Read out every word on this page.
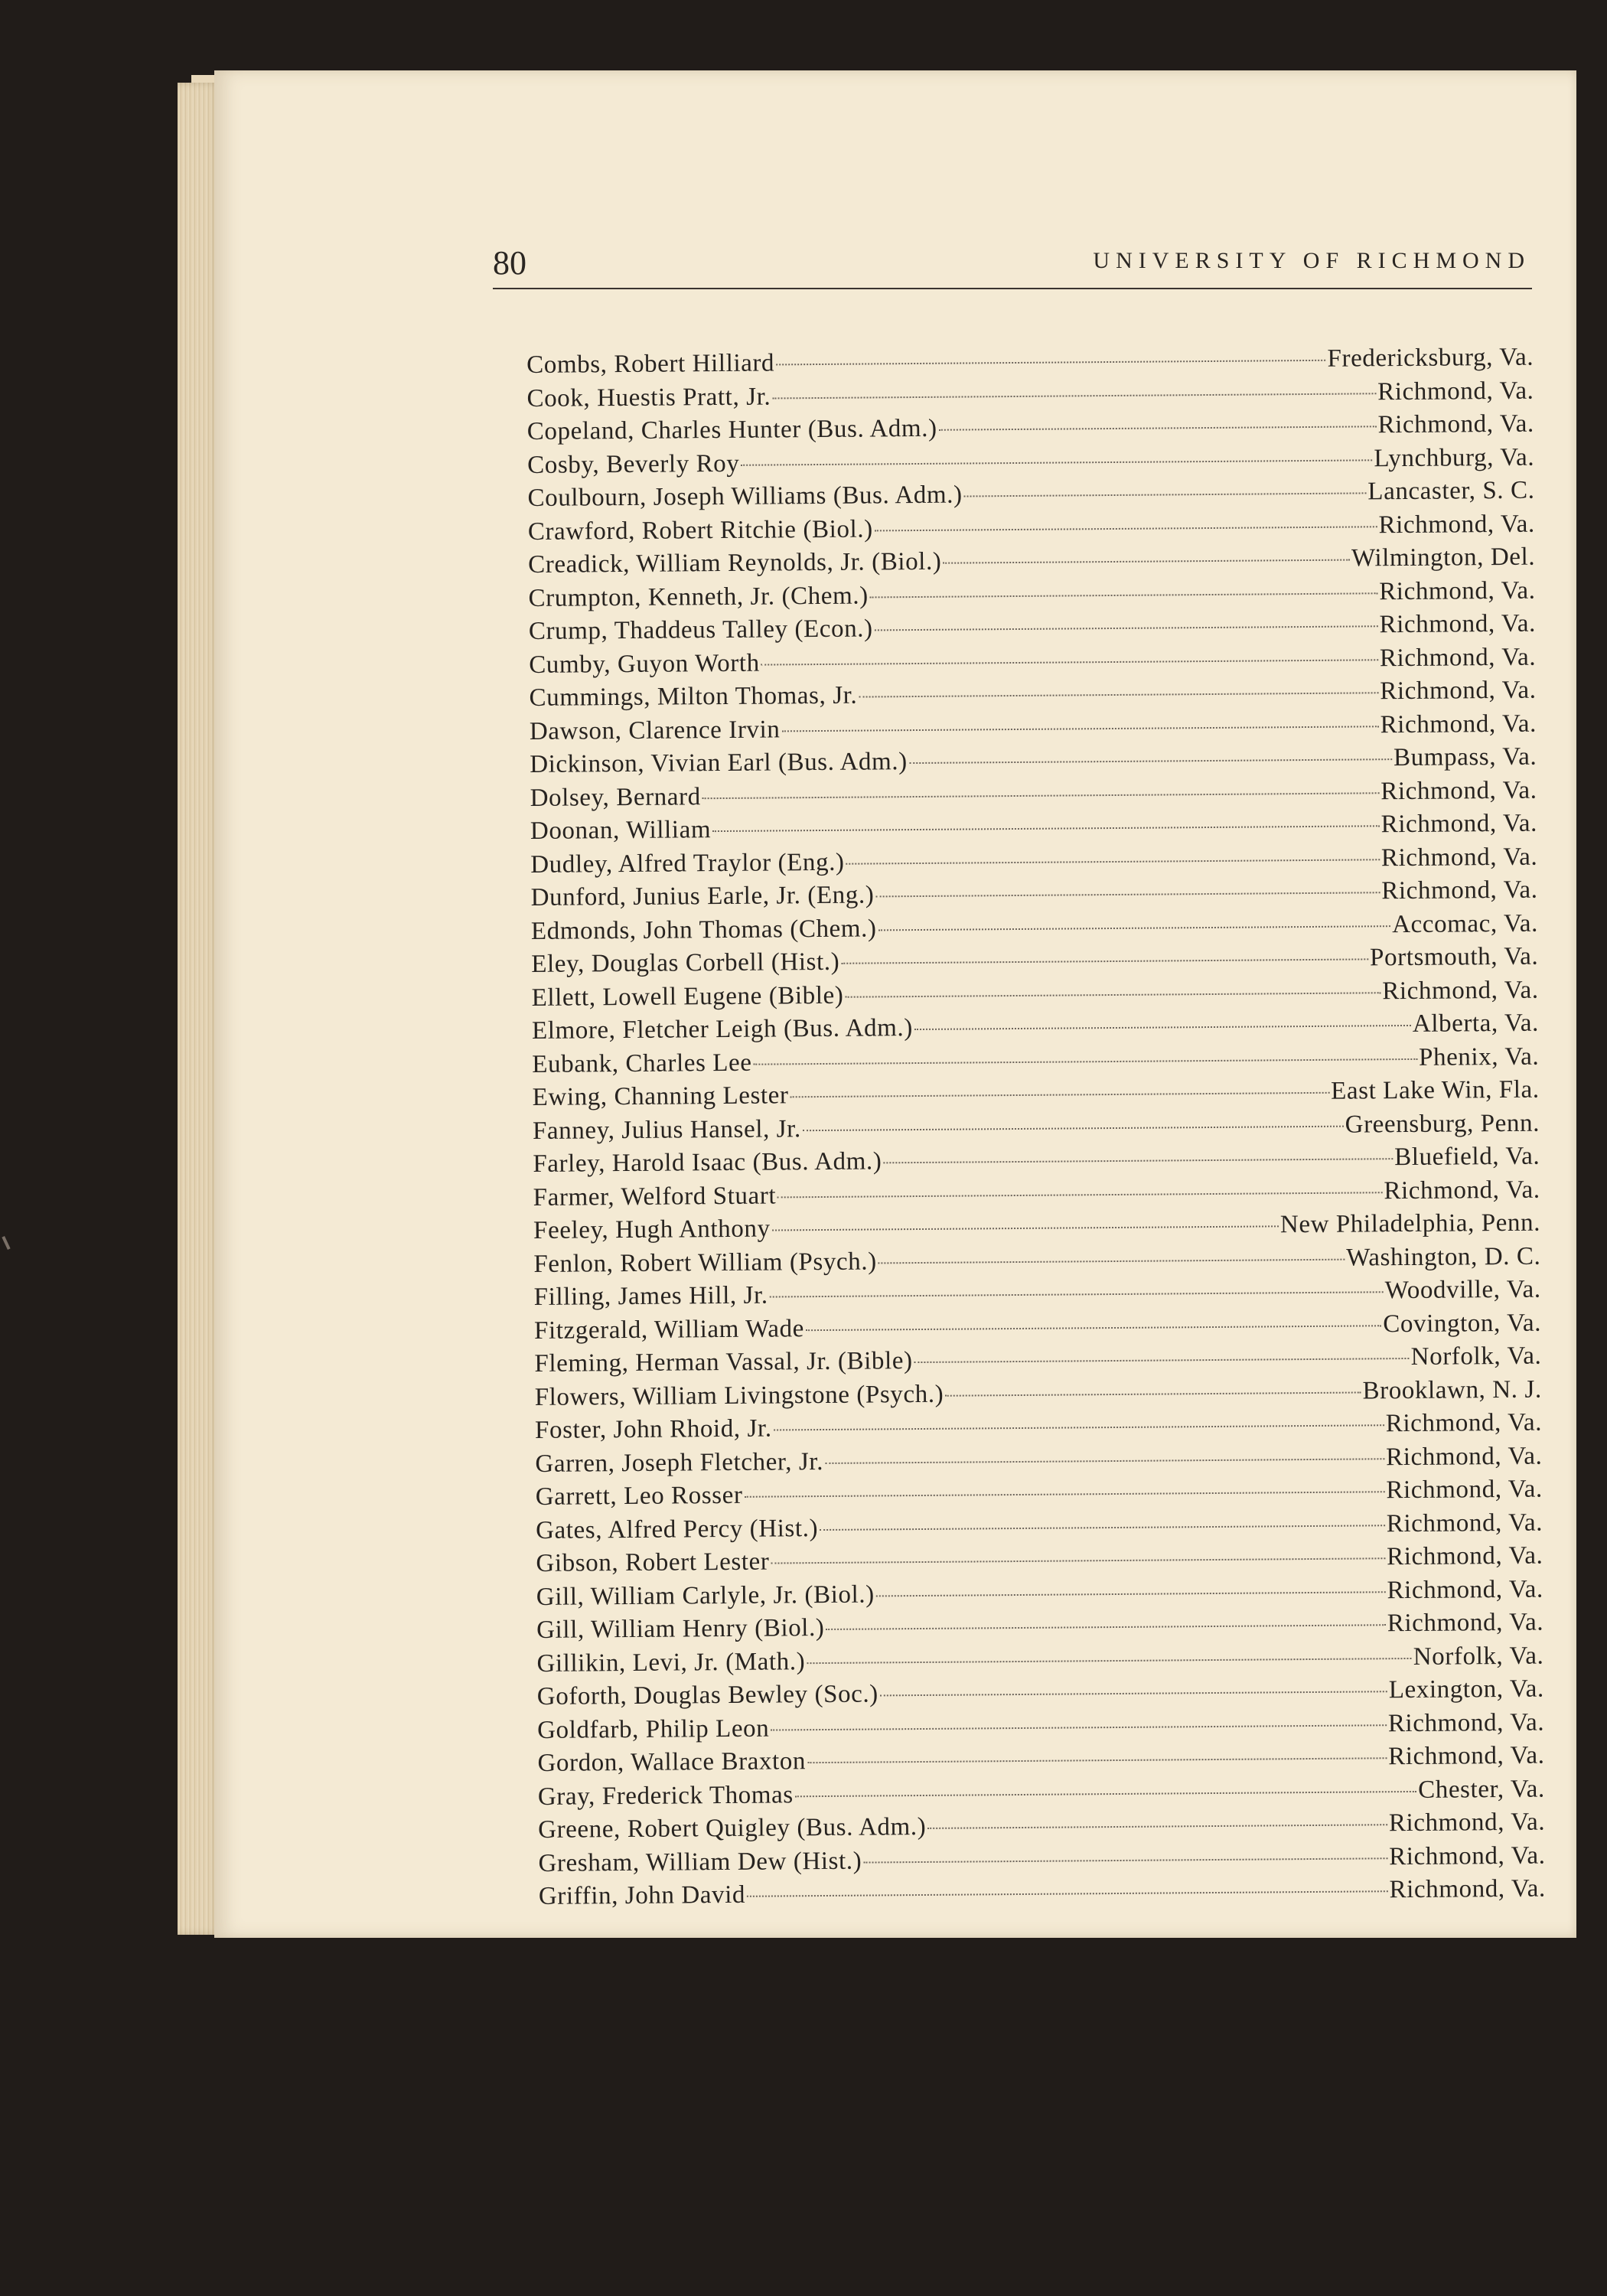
80	UNIVERSITY OF RICHMOND
Combs, Robert Hilliard	Fredericksburg, Va.
Cook, Huestis Pratt, Jr.	Richmond, Va.
Copeland, Charles Hunter (Bus. Adm.)	Richmond, Va.
Cosby, Beverly Roy	Lynchburg, Va.
Coulbourn, Joseph Williams (Bus. Adm.)	Lancaster, S. C.
Crawford, Robert Ritchie (Biol.)	Richmond, Va.
Creadick, William Reynolds, Jr. (Biol.)	Wilmington, Del.
Crumpton, Kenneth, Jr. (Chem.)	Richmond, Va.
Crump, Thaddeus Talley (Econ.)	Richmond, Va.
Cumby, Guyon Worth	Richmond, Va.
Cummings, Milton Thomas, Jr.	Richmond, Va.
Dawson, Clarence Irvin	Richmond, Va.
Dickinson, Vivian Earl (Bus. Adm.)	Bumpass, Va.
Dolsey, Bernard	Richmond, Va.
Doonan, William	Richmond, Va.
Dudley, Alfred Traylor (Eng.)	Richmond, Va.
Dunford, Junius Earle, Jr. (Eng.)	Richmond, Va.
Edmonds, John Thomas (Chem.)	Accomac, Va.
Eley, Douglas Corbell (Hist.)	Portsmouth, Va.
Ellett, Lowell Eugene (Bible)	Richmond, Va.
Elmore, Fletcher Leigh (Bus. Adm.)	Alberta, Va.
Eubank, Charles Lee	Phenix, Va.
Ewing, Channing Lester	East Lake Win, Fla.
Fanney, Julius Hansel, Jr.	Greensburg, Penn.
Farley, Harold Isaac (Bus. Adm.)	Bluefield, Va.
Farmer, Welford Stuart	Richmond, Va.
Feeley, Hugh Anthony	New Philadelphia, Penn.
Fenlon, Robert William (Psych.)	Washington, D. C.
Filling, James Hill, Jr.	Woodville, Va.
Fitzgerald, William Wade	Covington, Va.
Fleming, Herman Vassal, Jr. (Bible)	Norfolk, Va.
Flowers, William Livingstone (Psych.)	Brooklawn, N. J.
Foster, John Rhoid, Jr.	Richmond, Va.
Garren, Joseph Fletcher, Jr.	Richmond, Va.
Garrett, Leo Rosser	Richmond, Va.
Gates, Alfred Percy (Hist.)	Richmond, Va.
Gibson, Robert Lester	Richmond, Va.
Gill, William Carlyle, Jr. (Biol.)	Richmond, Va.
Gill, William Henry (Biol.)	Richmond, Va.
Gillikin, Levi, Jr. (Math.)	Norfolk, Va.
Goforth, Douglas Bewley (Soc.)	Lexington, Va.
Goldfarb, Philip Leon	Richmond, Va.
Gordon, Wallace Braxton	Richmond, Va.
Gray, Frederick Thomas	Chester, Va.
Greene, Robert Quigley (Bus. Adm.)	Richmond, Va.
Gresham, William Dew (Hist.)	Richmond, Va.
Griffin, John David	Richmond, Va.
